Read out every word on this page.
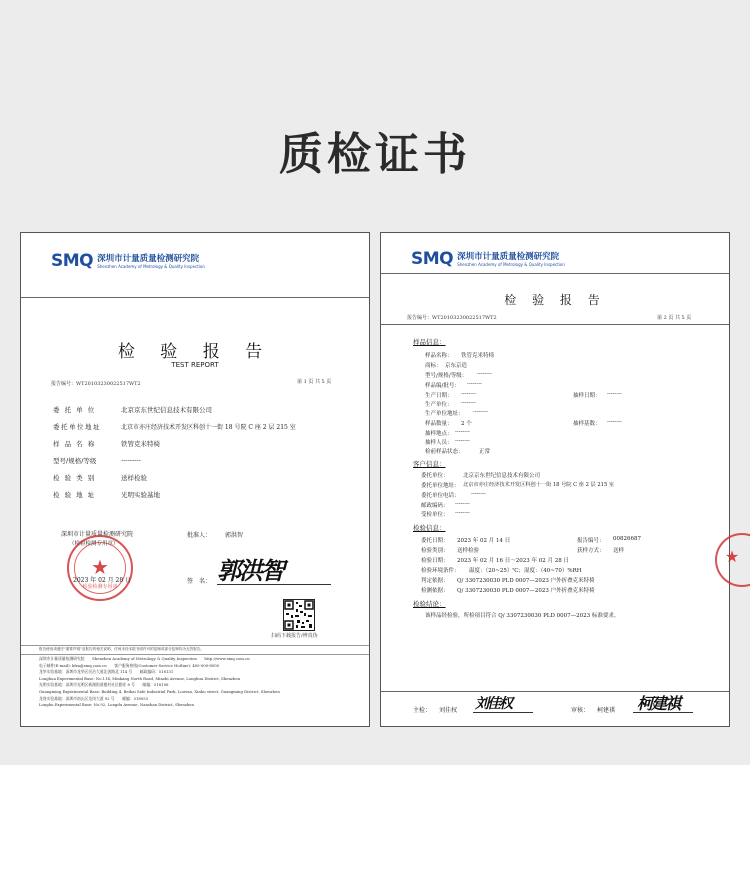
质检证书
SMQ 深圳市计量质量检测研究院
Shenzhen Academy of Metrology & Quality Inspection
检 验 报 告
TEST REPORT
报告编号：WT20103230022517WT2	第 1 页 共 5 页
委 托 单 位	北京京东世纪信息技术有限公司
委托单位地址	北京市亦庄经济技术开发区科创十一街 18 号院 C 座 2 层 215 室
样 品 名 称	铁管克米特椅
型号/规格/等级	---------
检 验 类 别	送样检验
检 验 地 址	光明实验基地
深圳市计量质量检测研究院
（检验检测专用章）
★
检验检测专用章
2023 年 02 月 28 日
批准人： 郭洪智
签　名： 郭洪智
扫码下载报告/辨真伪
报告使用须遵守"重要声明"及报告的相关说明，任何未经本院书面许可的复制或部分复制均为无效报告。
深圳市计量质量检测研究院　　Shenzhen Academy of Metrology & Quality Inspection　　http://www.smq.com.cn
电子邮件(E-mail): kfzx@smq.com.cn　　客户服务热线(Customer Service Hotline): 400-000-8000
龙华实验基地：深圳市龙华区民治大道北创路北 114 号　　邮政编码：518131
Longhua Experimental Base: No.114, Minkang North Road, Minzhi Avenue, Longhua District, Shenzhen
光明实验基地：深圳市光明区新湖街道楼村社区勤业 8 号　　邮编：518106
Guangming Experimental Base: Building 4, Beihai Safe Industrial Park, Louvan, Xinhu street, Guangming District, Shenzhen
龙岗实验基地：深圳市南山区龙岗大道 92 号　　邮编：518053
Longhu Experimental Base: No.92, Longdu Avenue, Nanshan District, Shenzhen
SMQ 深圳市计量质量检测研究院
Shenzhen Academy of Metrology & Quality Inspection
检 验 报 告
报告编号：WT20103230022517WT2	第 2 页 共 5 页
样品信息：
样品名称： 铁管克米特椅
商标： 京东京造
型号/规格/等级： --------
样品编/批号： --------
生产日期： --------
生产单位： --------
生产单位地址： --------
样品数量： 2 个
抽样地点： --------
抽样人员： --------
检前样品状态：	正常
抽样日期： --------
抽样基数： --------
客户信息：
委托单位：	北京京东世纪信息技术有限公司
委托单位地址： 北京市亦庄经济技术开发区科创十一街 18 号院 C 座 2 层 215 室
委托单位电话： --------
邮政编码： --------
受检单位： --------
检验信息：
委托日期： 2023 年 02 月 14 日
检验类别： 送样检验
检验日期： 2023 年 02 月 16 日～2023 年 02 月 28 日
检验环境条件： 温度：（20~25）℃；湿度：（40~70）%RH
判定依据： Q/ 3307230030 PLD 0007—2023 户外折叠克米特椅
检测依据： Q/ 3307230030 PLD 0007—2023 户外折叠克米特椅
报告编号： 00826687
获样方式： 送样
检验结论：
该样品经检验，所检项目符合 Q/ 3307230030 PLD 0007—2023 标准要求。
★
主检： 刘佳权 刘佳权	审核： 柯建祺 柯建祺
